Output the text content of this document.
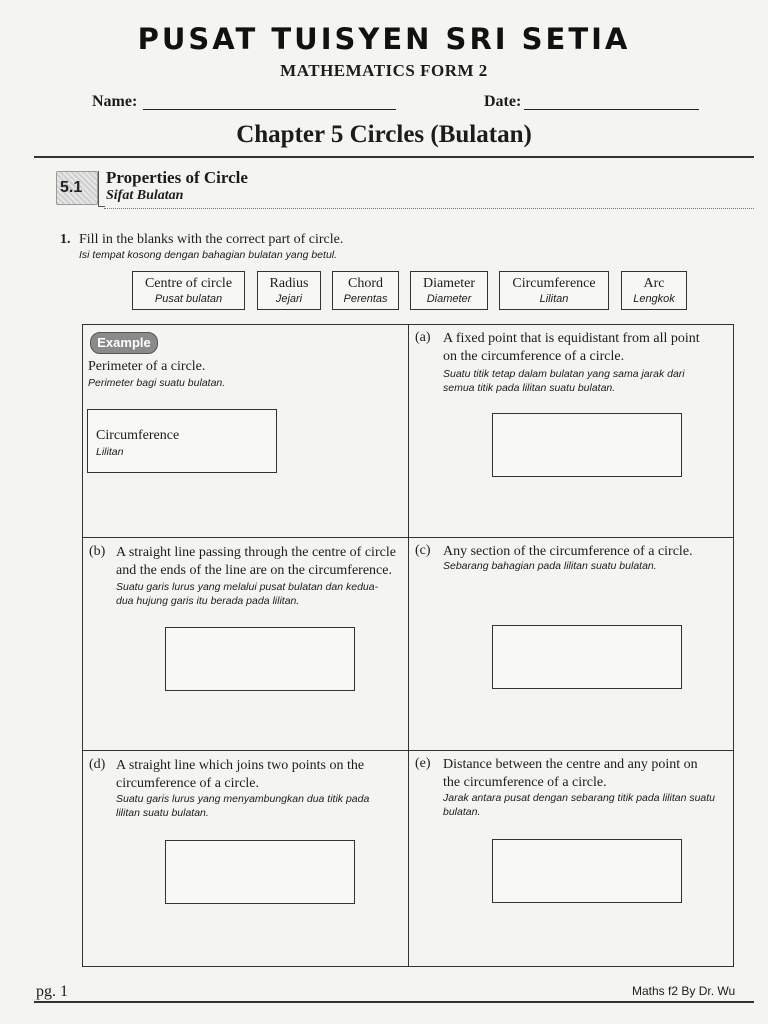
PUSAT TUISYEN SRI SETIA
MATHEMATICS FORM 2
Name:	Date:
Chapter 5 Circles (Bulatan)
5.1
Properties of Circle
Sifat Bulatan
1. Fill in the blanks with the correct part of circle.
Isi tempat kosong dengan bahagian bulatan yang betul.
Centre of circle
Pusat bulatan
Radius
Jejari
Chord
Perentas
Diameter
Diameter
Circumference
Lilitan
Arc
Lengkok
Example
Perimeter of a circle.
Perimeter bagi suatu bulatan.
Circumference
Lilitan
(a) A fixed point that is equidistant from all point
on the circumference of a circle.
Suatu titik tetap dalam bulatan yang sama jarak dari
semua titik pada lilitan suatu bulatan.
(b) A straight line passing through the centre of circle
and the ends of the line are on the circumference.
Suatu garis lurus yang melalui pusat bulatan dan kedua-
dua hujung garis itu berada pada lilitan.
(c) Any section of the circumference of a circle.
Sebarang bahagian pada lilitan suatu bulatan.
(d) A straight line which joins two points on the
circumference of a circle.
Suatu garis lurus yang menyambungkan dua titik pada
lilitan suatu bulatan.
(e) Distance between the centre and any point on
the circumference of a circle.
Jarak antara pusat dengan sebarang titik pada lilitan suatu
bulatan.
pg. 1	Maths f2 By Dr. Wu
